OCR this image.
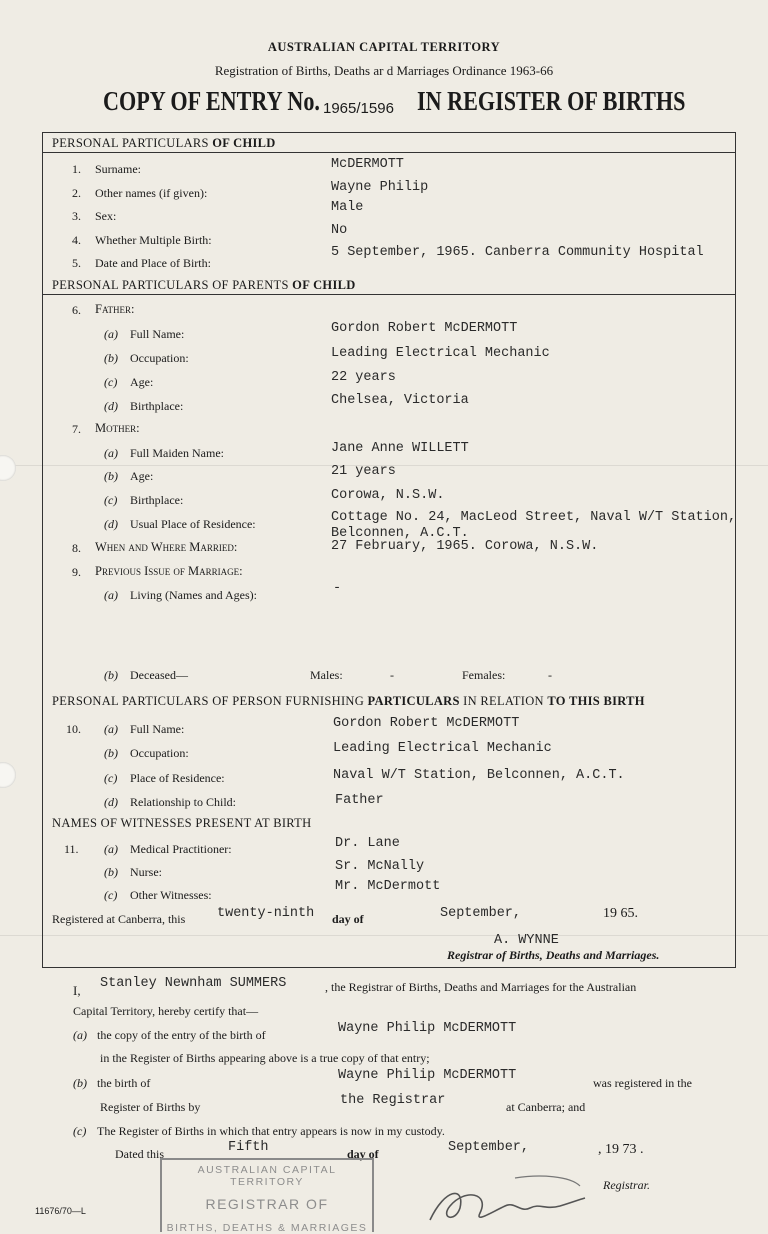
AUSTRALIAN CAPITAL TERRITORY
Registration of Births, Deaths ar d Marriages Ordinance 1963-66
COPY OF ENTRY No. 1965/1596 IN REGISTER OF BIRTHS
PERSONAL PARTICULARS OF CHILD
1. Surname:	McDERMOTT
2. Other names (if given):	Wayne Philip
3. Sex:
Male
4. Whether Multiple Birth:
No
5. Date and Place of Birth:
5 September, 1965. Canberra Community Hospital
PERSONAL PARTICULARS OF PARENTS OF CHILD
6. Father:
(a) Full Name:	Gordon Robert McDERMOTT
(b) Occupation:	Leading Electrical Mechanic
(c) Age:	22 years
(d) Birthplace:	Chelsea, Victoria
7. Mother:
(a) Full Maiden Name:	Jane Anne WILLETT
(b) Age:	21 years
(c) Birthplace:	Corowa, N.S.W.
(d) Usual Place of Residence:	Cottage No. 24, MacLeod Street, Naval W/T Station,
Belconnen, A.C.T.
8. When and Where Married:	27 February, 1965. Corowa, N.S.W.
9. Previous Issue of Marriage:
(a) Living (Names and Ages):	-
(b) Deceased—	Males:	-	Females:	-
PERSONAL PARTICULARS OF PERSON FURNISHING PARTICULARS IN RELATION TO THIS BIRTH
10. (a) Full Name:	Gordon Robert McDERMOTT
(b) Occupation:	Leading Electrical Mechanic
(c) Place of Residence:	Naval W/T Station, Belconnen, A.C.T.
(d) Relationship to Child:	Father
NAMES OF WITNESSES PRESENT AT BIRTH
11. (a) Medical Practitioner:	Dr. Lane
(b) Nurse:	Sr. McNally
(c) Other Witnesses:
Mr. McDermott
Registered at Canberra, this twenty-ninth day of	September,	19 65.
A. WYNNE
Registrar of Births, Deaths and Marriages.
I, Stanley Newnham SUMMERS	, the Registrar of Births, Deaths and Marriages for the Australian
Capital Territory, hereby certify that—
(a) the copy of the entry of the birth of	Wayne Philip McDERMOTT
in the Register of Births appearing above is a true copy of that entry;
(b) the birth of	Wayne Philip McDERMOTT	was registered in the
Register of Births by	the Registrar	at Canberra; and
(c) The Register of Births in which that entry appears is now in my custody.
Dated this	Fifth	day of	September,	, 19 73 .
Registrar.
AUSTRALIAN CAPITAL TERRITORY
REGISTRAR OF
BIRTHS, DEATHS & MARRIAGES
11676/70—L
